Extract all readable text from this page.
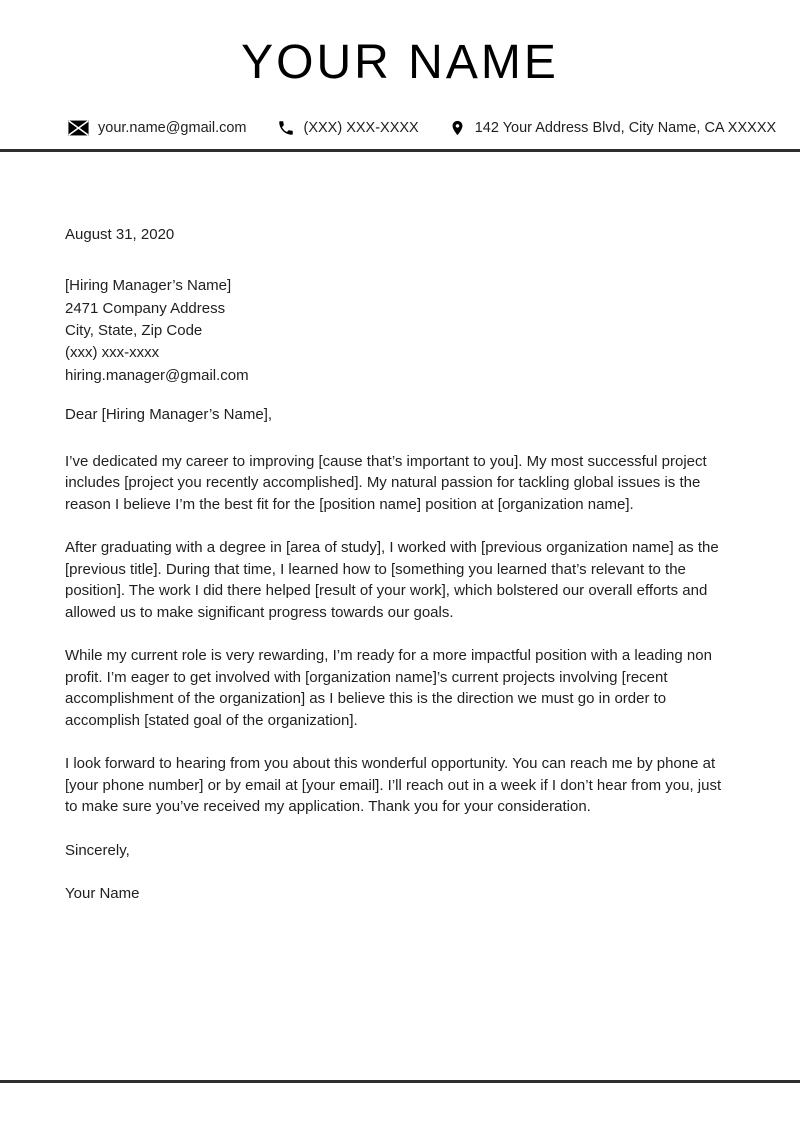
YOUR NAME
your.name@gmail.com	(XXX) XXX-XXXX	142 Your Address Blvd, City Name, CA XXXXX
August 31, 2020
[Hiring Manager’s Name]
2471 Company Address
City, State, Zip Code
(xxx) xxx-xxxx
hiring.manager@gmail.com
Dear [Hiring Manager’s Name],

I’ve dedicated my career to improving [cause that’s important to you]. My most successful project includes [project you recently accomplished]. My natural passion for tackling global issues is the reason I believe I’m the best fit for the [position name] position at [organization name].

After graduating with a degree in [area of study], I worked with [previous organization name] as the [previous title]. During that time, I learned how to [something you learned that’s relevant to the position]. The work I did there helped [result of your work], which bolstered our overall efforts and allowed us to make significant progress towards our goals.

While my current role is very rewarding, I’m ready for a more impactful position with a leading non profit. I’m eager to get involved with [organization name]’s current projects involving [recent accomplishment of the organization] as I believe this is the direction we must go in order to accomplish [stated goal of the organization].

I look forward to hearing from you about this wonderful opportunity. You can reach me by phone at [your phone number] or by email at [your email]. I’ll reach out in a week if I don’t hear from you, just to make sure you’ve received my application. Thank you for your consideration.

Sincerely,
Your Name
